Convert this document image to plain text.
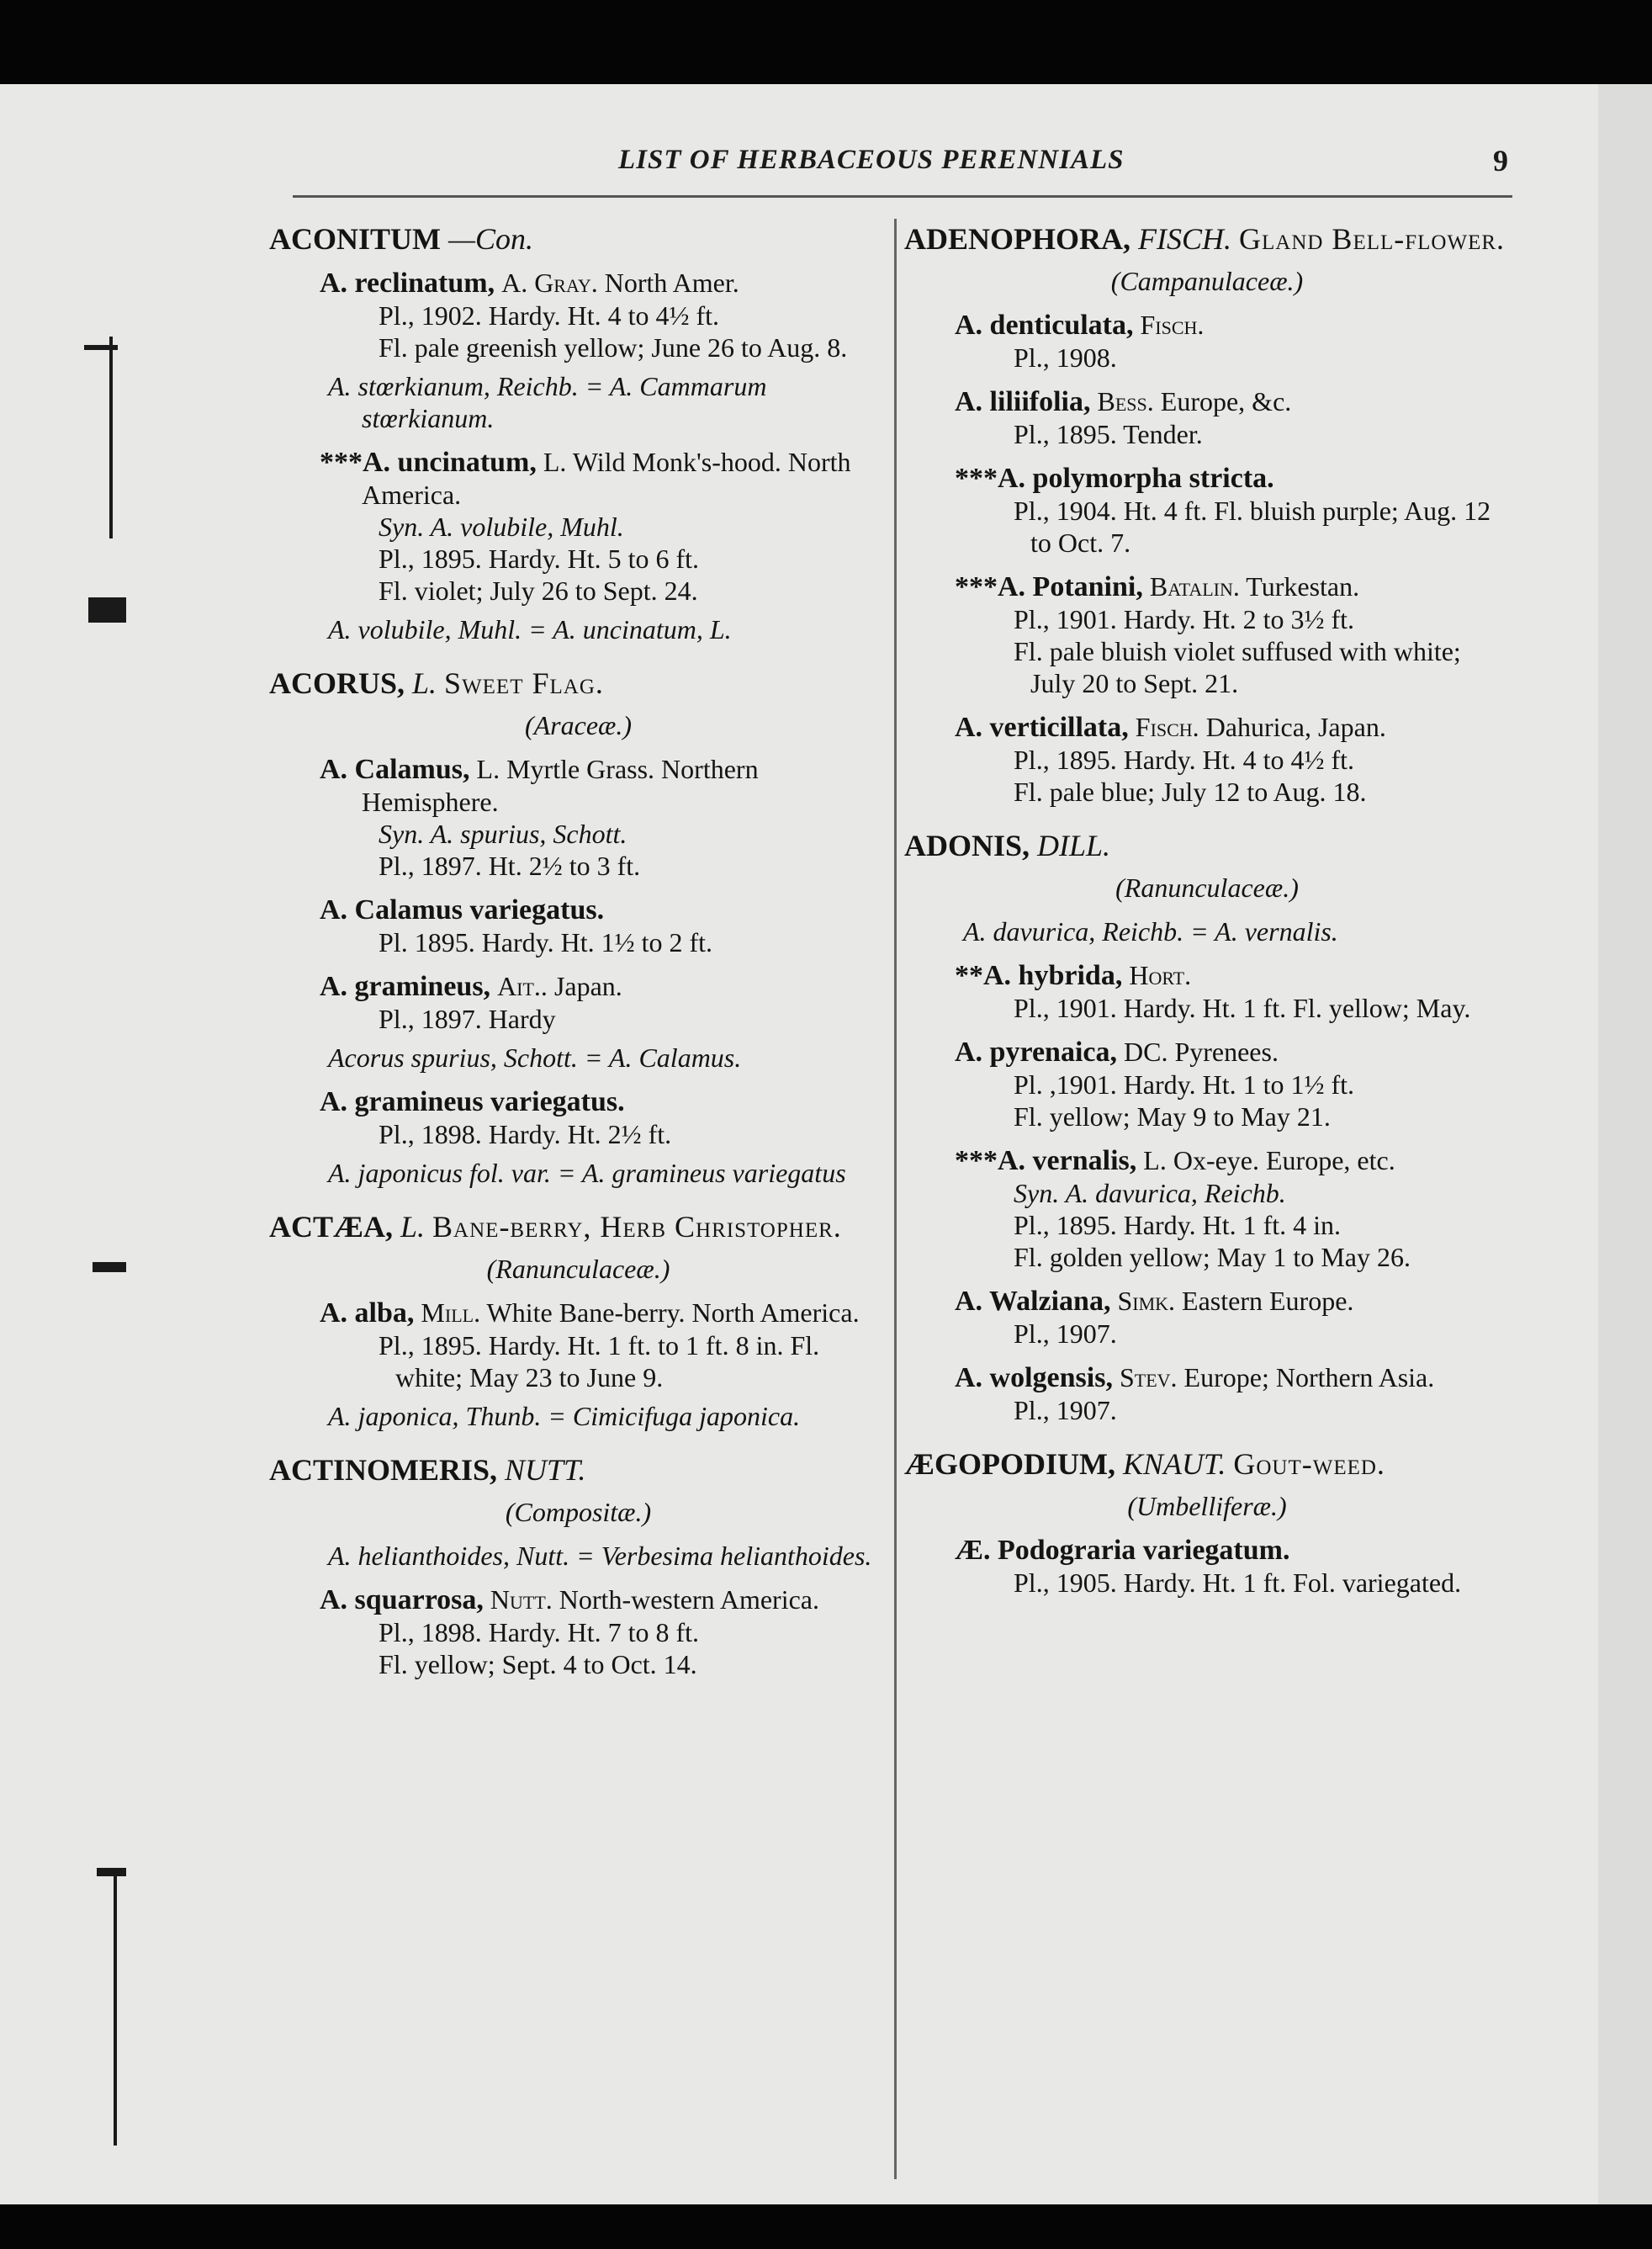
LIST OF HERBACEOUS PERENNIALS	9
ACONITUM —Con.
A. reclinatum, A. Gray. North Amer.
Pl., 1902. Hardy. Ht. 4 to 4½ ft.
Fl. pale greenish yellow; June 26 to Aug. 8.
A. stœrkianum, Reichb. = A. Cammarum stœrkianum.
***A. uncinatum, L. Wild Monk's-hood. North America.
Syn. A. volubile, Muhl.
Pl., 1895. Hardy. Ht. 5 to 6 ft.
Fl. violet; July 26 to Sept. 24.
A. volubile, Muhl. = A. uncinatum, L.
ACORUS, L. Sweet Flag.
(Araceæ.)
A. Calamus, L. Myrtle Grass. Northern Hemisphere.
Syn. A. spurius, Schott.
Pl., 1897. Ht. 2½ to 3 ft.
A. Calamus variegatus.
Pl. 1895. Hardy. Ht. 1½ to 2 ft.
A. gramineus, Ait.. Japan.
Pl., 1897. Hardy
Acorus spurius, Schott. = A. Calamus.
A. gramineus variegatus.
Pl., 1898. Hardy. Ht. 2½ ft.
A. japonicus fol. var. = A. gramineus variegatus
ACTÆA, L. Bane-berry, Herb Christopher.
(Ranunculaceæ.)
A. alba, Mill. White Bane-berry. North America.
Pl., 1895. Hardy. Ht. 1 ft. to 1 ft. 8 in. Fl. white; May 23 to June 9.
A. japonica, Thunb. = Cimicifuga japonica.
ACTINOMERIS, NUTT.
(Compositæ.)
A. helianthoides, Nutt. = Verbesima helianthoides.
A. squarrosa, Nutt. North-western America.
Pl., 1898. Hardy. Ht. 7 to 8 ft.
Fl. yellow; Sept. 4 to Oct. 14.
ADENOPHORA, FISCH. Gland Bell-flower.
(Campanulaceæ.)
A. denticulata, Fisch.
Pl., 1908.
A. liliifolia, Bess. Europe, &c.
Pl., 1895. Tender.
***A. polymorpha stricta.
Pl., 1904. Ht. 4 ft. Fl. bluish purple; Aug. 12 to Oct. 7.
***A. Potanini, Batalin. Turkestan.
Pl., 1901. Hardy. Ht. 2 to 3½ ft.
Fl. pale bluish violet suffused with white; July 20 to Sept. 21.
A. verticillata, Fisch. Dahurica, Japan.
Pl., 1895. Hardy. Ht. 4 to 4½ ft.
Fl. pale blue; July 12 to Aug. 18.
ADONIS, DILL.
(Ranunculaceæ.)
A. davurica, Reichb. = A. vernalis.
**A. hybrida, Hort.
Pl., 1901. Hardy. Ht. 1 ft. Fl. yellow; May.
A. pyrenaica, DC. Pyrenees.
Pl. ,1901. Hardy. Ht. 1 to 1½ ft.
Fl. yellow; May 9 to May 21.
***A. vernalis, L. Ox-eye. Europe, etc.
Syn. A. davurica, Reichb.
Pl., 1895. Hardy. Ht. 1 ft. 4 in.
Fl. golden yellow; May 1 to May 26.
A. Walziana, Simk. Eastern Europe.
Pl., 1907.
A. wolgensis, Stev. Europe; Northern Asia.
Pl., 1907.
ÆGOPODIUM, KNAUT. Gout-weed.
(Umbelliferæ.)
Æ. Podograria variegatum.
Pl., 1905. Hardy. Ht. 1 ft. Fol. variegated.
